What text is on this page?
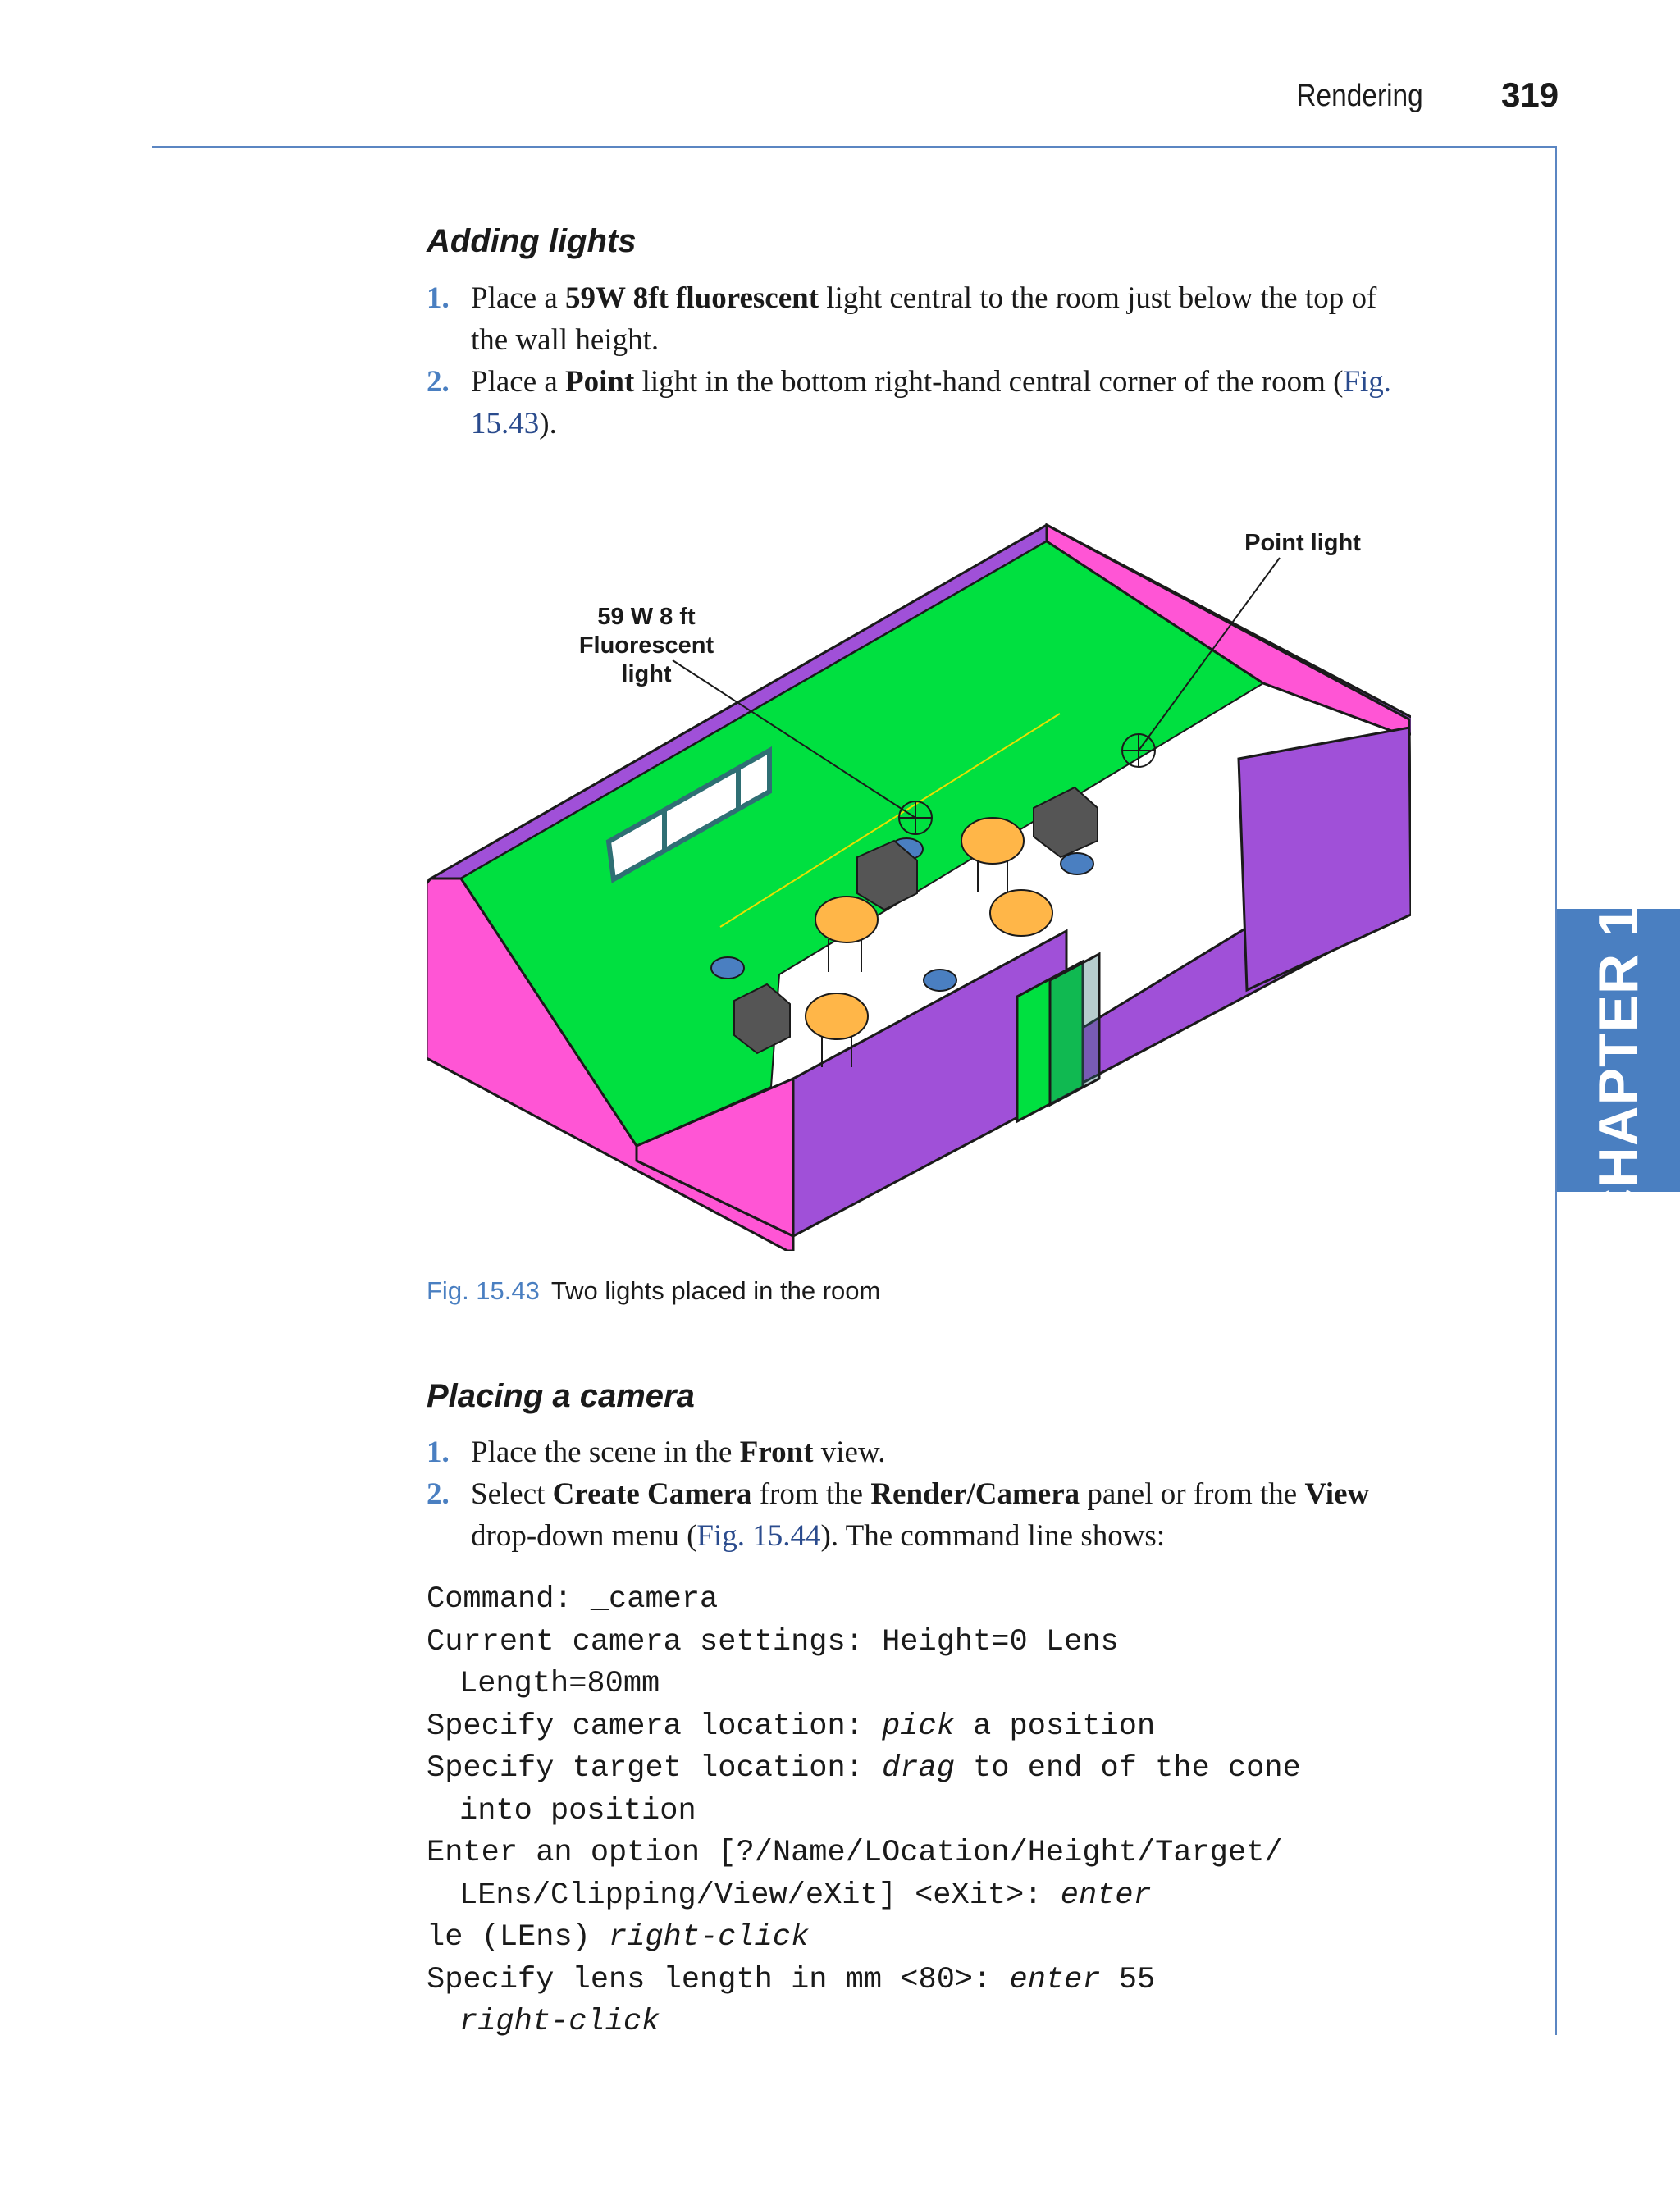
Rendering 319
CHAPTER 15
Adding lights
1. Place a 59W 8ft fluorescent light central to the room just below the top of the wall height.
2. Place a Point light in the bottom right-hand central corner of the room (Fig. 15.43).
59 W 8 ft
Fluorescent
light
Point light
Fig. 15.43 Two lights placed in the room
Placing a camera
1. Place the scene in the Front view.
2. Select Create Camera from the Render/Camera panel or from the View drop-down menu (Fig. 15.44). The command line shows:
Command: _camera
Current camera settings: Height=0 Lens
Length=80mm
Specify camera location: pick a position
Specify target location: drag to end of the cone
into position
Enter an option [?/Name/LOcation/Height/Target/
LEns/Clipping/View/eXit] <eXit>: enter
le (LEns) right-click
Specify lens length in mm <80>: enter 55
right-click
